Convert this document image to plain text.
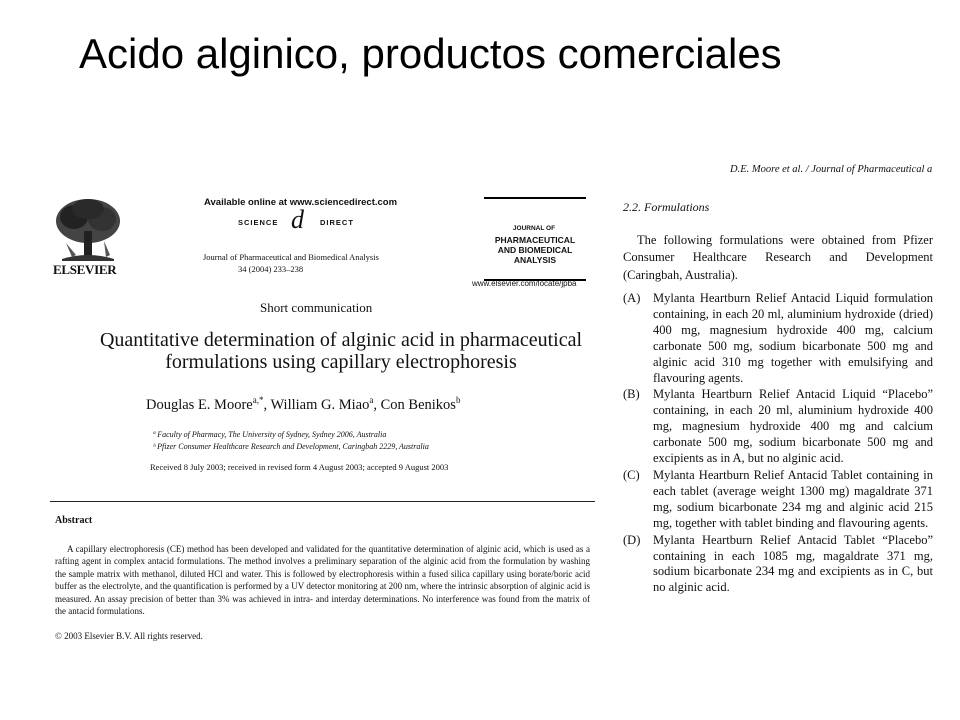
Acido alginico, productos comerciales
ELSEVIER
Available online at www.sciencedirect.com
SCIENCE d DIRECT
Journal of Pharmaceutical and Biomedical Analysis
34 (2004) 233–238
JOURNAL OF
PHARMACEUTICAL AND BIOMEDICAL ANALYSIS
www.elsevier.com/locate/jpba
Short communication
Quantitative determination of alginic acid in pharmaceutical
formulations using capillary electrophoresis
Douglas E. Moore$^{a,*}$, William G. Miao$^a$, Con Benikos$^b$
ª Faculty of Pharmacy, The University of Sydney, Sydney 2006, Australia
ᵇ Pfizer Consumer Healthcare Research and Development, Caringbah 2229, Australia
Received 8 July 2003; received in revised form 4 August 2003; accepted 9 August 2003
Abstract
A capillary electrophoresis (CE) method has been developed and validated for the quantitative determination of alginic acid, which is used as a rafting agent in complex antacid formulations. The method involves a preliminary separation of the alginic acid from the formulation by washing the sample matrix with methanol, diluted HCl and water. This is followed by electrophoresis within a fused silica capillary using borate/boric acid buffer as the electrolyte, and the quantification is performed by a UV detector monitoring at 200 nm, where the intrinsic absorption of alginic acid is measured. An assay precision of better than 3% was achieved in intra- and interday determinations. No interference was found from the matrix of the antacid formulations.
© 2003 Elsevier B.V. All rights reserved.
D.E. Moore et al. / Journal of Pharmaceutical a
2.2. Formulations
The following formulations were obtained from Pfizer Consumer Healthcare Research and Development (Caringbah, Australia).
(A) Mylanta Heartburn Relief Antacid Liquid formulation containing, in each 20 ml, aluminium hydroxide (dried) 400 mg, magnesium hydroxide 400 mg, calcium carbonate 500 mg, sodium bicarbonate 500 mg and alginic acid 310 mg together with emulsifying and flavouring agents.
(B) Mylanta Heartburn Relief Antacid Liquid “Placebo” containing, in each 20 ml, aluminium hydroxide 400 mg, magnesium hydroxide 400 mg and calcium carbonate 500 mg, sodium bicarbonate 500 mg and excipients as in A, but no alginic acid.
(C) Mylanta Heartburn Relief Antacid Tablet containing in each tablet (average weight 1300 mg) magaldrate 371 mg, sodium bicarbonate 234 mg and alginic acid 215 mg, together with tablet binding and flavouring agents.
(D) Mylanta Heartburn Relief Antacid Tablet “Placebo” containing in each 1085 mg, magaldrate 371 mg, sodium bicarbonate 234 mg and excipients as in C, but no alginic acid.
